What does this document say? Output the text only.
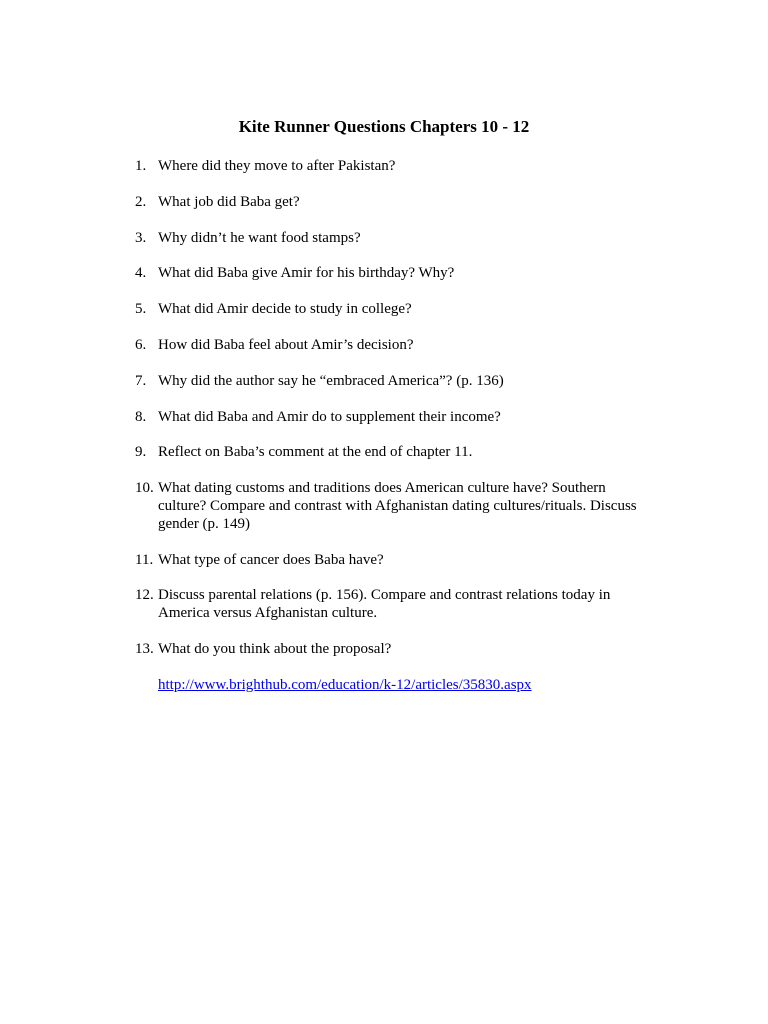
Kite Runner Questions Chapters 10 - 12
1. Where did they move to after Pakistan?
2. What job did Baba get?
3. Why didn’t he want food stamps?
4. What did Baba give Amir for his birthday? Why?
5. What did Amir decide to study in college?
6. How did Baba feel about Amir’s decision?
7. Why did the author say he “embraced America”? (p. 136)
8. What did Baba and Amir do to supplement their income?
9. Reflect on Baba’s comment at the end of chapter 11.
10. What dating customs and traditions does American culture have? Southern culture? Compare and contrast with Afghanistan dating cultures/rituals. Discuss gender (p. 149)
11. What type of cancer does Baba have?
12. Discuss parental relations (p. 156). Compare and contrast relations today in America versus Afghanistan culture.
13. What do you think about the proposal?
http://www.brighthub.com/education/k-12/articles/35830.aspx
